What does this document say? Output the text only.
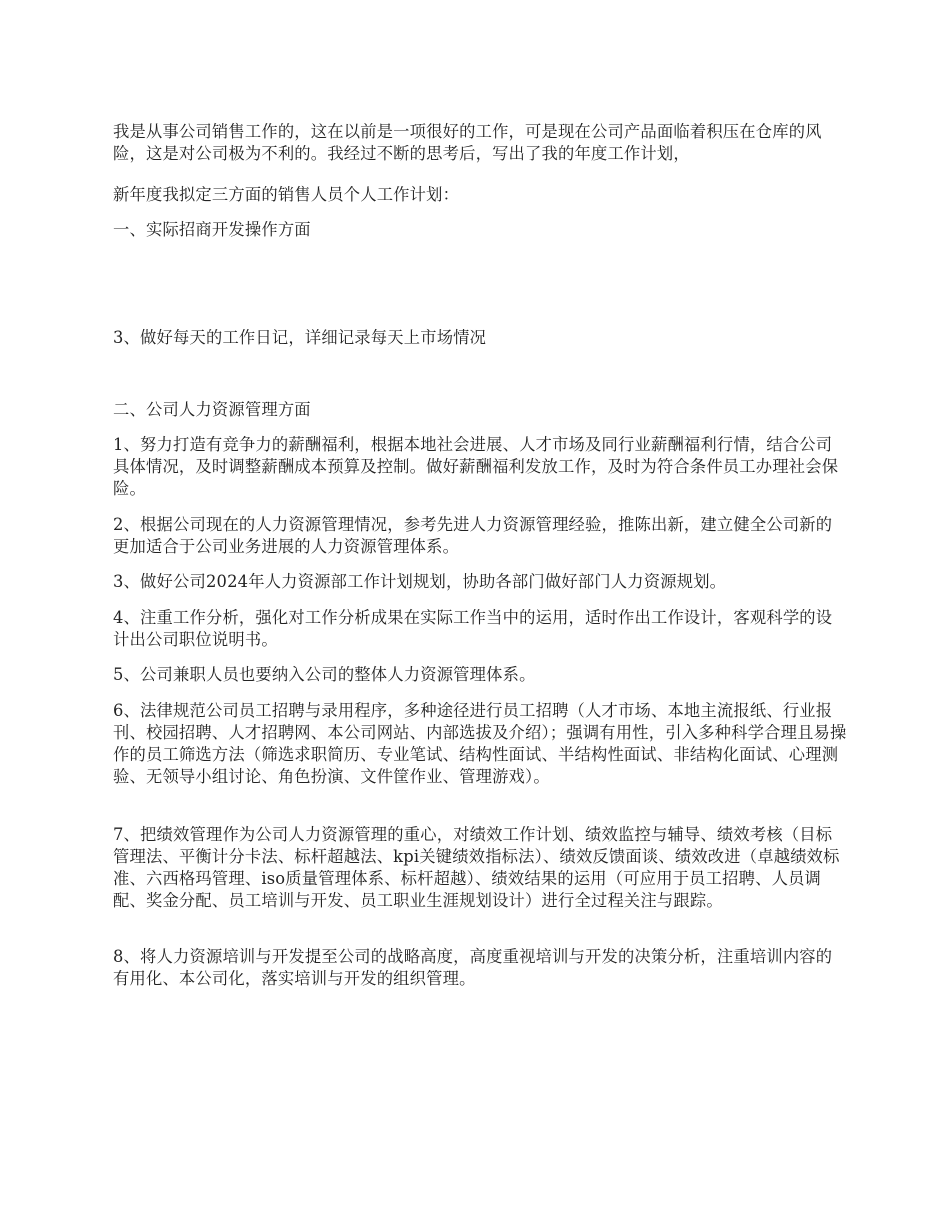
我是从事公司销售工作的，这在以前是一项很好的工作，可是现在公司产品面临着积压在仓库的风险，这是对公司极为不利的。我经过不断的思考后，写出了我的年度工作计划，

新年度我拟定三方面的销售人员个人工作计划：

一、实际招商开发操作方面

3、做好每天的工作日记，详细记录每天上市场情况

二、公司人力资源管理方面

1、努力打造有竞争力的薪酬福利，根据本地社会进展、人才市场及同行业薪酬福利行情，结合公司具体情况，及时调整薪酬成本预算及控制。做好薪酬福利发放工作，及时为符合条件员工办理社会保险。

2、根据公司现在的人力资源管理情况，参考先进人力资源管理经验，推陈出新，建立健全公司新的更加适合于公司业务进展的人力资源管理体系。

3、做好公司2024年人力资源部工作计划规划，协助各部门做好部门人力资源规划。

4、注重工作分析，强化对工作分析成果在实际工作当中的运用，适时作出工作设计，客观科学的设计出公司职位说明书。

5、公司兼职人员也要纳入公司的整体人力资源管理体系。

6、法律规范公司员工招聘与录用程序，多种途径进行员工招聘（人才市场、本地主流报纸、行业报刊、校园招聘、人才招聘网、本公司网站、内部选拔及介绍）；强调有用性，引入多种科学合理且易操作的员工筛选方法（筛选求职简历、专业笔试、结构性面试、半结构性面试、非结构化面试、心理测验、无领导小组讨论、角色扮演、文件筐作业、管理游戏）。

7、把绩效管理作为公司人力资源管理的重心，对绩效工作计划、绩效监控与辅导、绩效考核（目标管理法、平衡计分卡法、标杆超越法、kpi关键绩效指标法）、绩效反馈面谈、绩效改进（卓越绩效标准、六西格玛管理、iso质量管理体系、标杆超越）、绩效结果的运用（可应用于员工招聘、人员调配、奖金分配、员工培训与开发、员工职业生涯规划设计）进行全过程关注与跟踪。

8、将人力资源培训与开发提至公司的战略高度，高度重视培训与开发的决策分析，注重培训内容的有用化、本公司化，落实培训与开发的组织管理。
